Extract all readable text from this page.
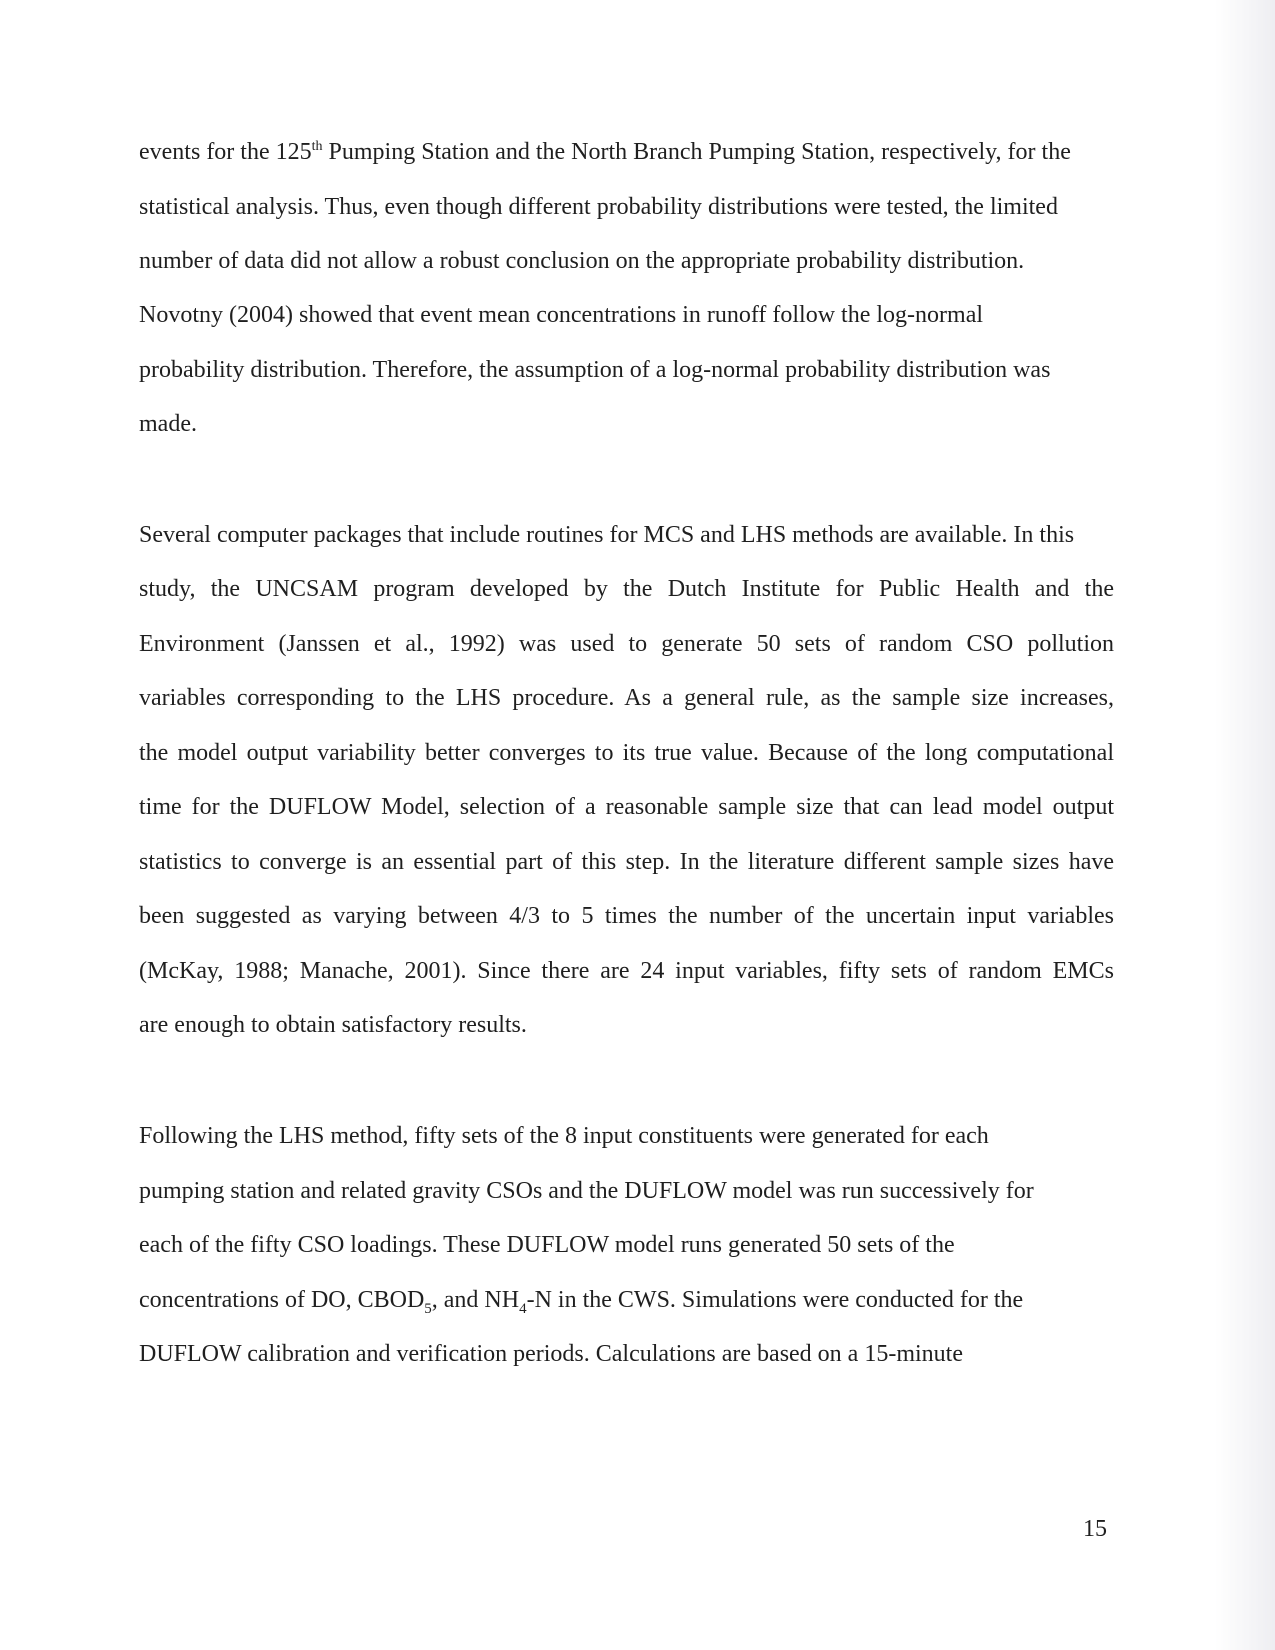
events for the 125th Pumping Station and the North Branch Pumping Station, respectively, for the
statistical analysis. Thus, even though different probability distributions were tested, the limited
number of data did not allow a robust conclusion on the appropriate probability distribution.
Novotny (2004) showed that event mean concentrations in runoff follow the log-normal
probability distribution. Therefore, the assumption of a log-normal probability distribution was
made.
Several computer packages that include routines for MCS and LHS methods are available. In this
study, the UNCSAM program developed by the Dutch Institute for Public Health and the
Environment (Janssen et al., 1992) was used to generate 50 sets of random CSO pollution
variables corresponding to the LHS procedure. As a general rule, as the sample size increases,
the model output variability better converges to its true value. Because of the long computational
time for the DUFLOW Model, selection of a reasonable sample size that can lead model output
statistics to converge is an essential part of this step. In the literature different sample sizes have
been suggested as varying between 4/3 to 5 times the number of the uncertain input variables
(McKay, 1988; Manache, 2001). Since there are 24 input variables, fifty sets of random EMCs
are enough to obtain satisfactory results.
Following the LHS method, fifty sets of the 8 input constituents were generated for each
pumping station and related gravity CSOs and the DUFLOW model was run successively for
each of the fifty CSO loadings. These DUFLOW model runs generated 50 sets of the
concentrations of DO, $CBOD_5$, and $NH_4-N$ in the CWS. Simulations were conducted for the
DUFLOW calibration and verification periods. Calculations are based on a 15-minute
15
